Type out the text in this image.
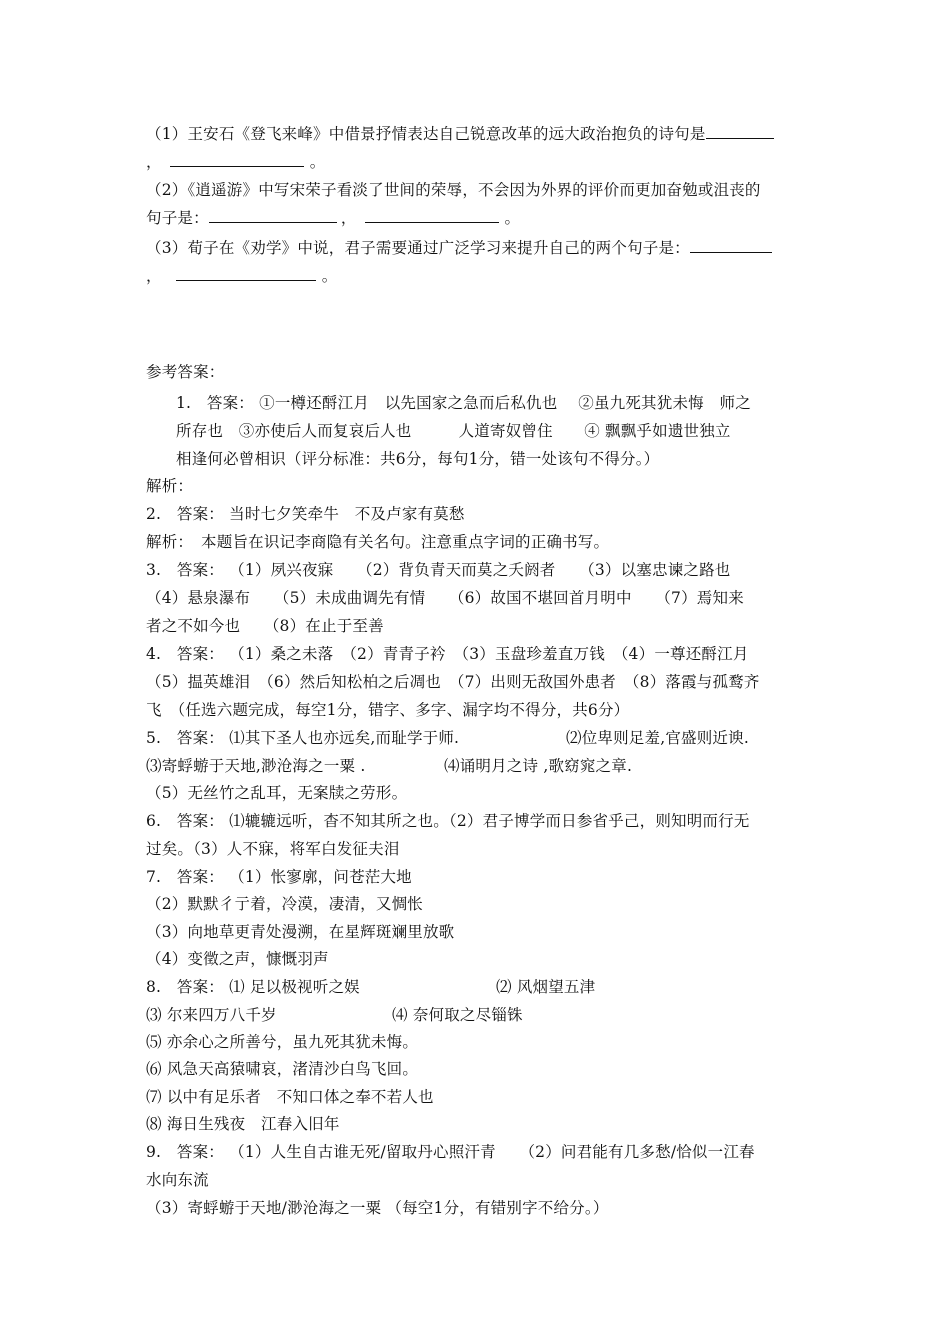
（1）王安石《登飞来峰》中借景抒情表达自己锐意改革的远大政治抱负的诗句是
，	。
（2）《逍遥游》中写宋荣子看淡了世间的荣辱，不会因为外界的评价而更加奋勉或沮丧的
句子是：	，	。
（3）荀子在《劝学》中说，君子需要通过广泛学习来提升自己的两个句子是：
，	。
参考答案：
1.　答案： ①一樽还酹江月　以先国家之急而后私仇也　 ②虽九死其犹未悔　师之
所存也　③亦使后人而复哀后人也　　　人道寄奴曾住　　④ 飘飘乎如遗世独立
相逢何必曾相识（评分标准：共6分，每句1分，错一处该句不得分。）
解析：
2.　答案： 当时七夕笑牵牛　不及卢家有莫愁
解析：　本题旨在识记李商隐有关名句。注意重点字词的正确书写。
3.　答案： （1）夙兴夜寐　　（2）背负青天而莫之夭阏者　　（3）以塞忠谏之路也
（4）悬泉瀑布　　（5）未成曲调先有情　　（6）故国不堪回首月明中　　（7）焉知来
者之不如今也　　（8）在止于至善
4.　答案： （1）桑之未落　（2）青青子衿　（3）玉盘珍羞直万钱　（4）一尊还酹江月
（5）揾英雄泪　（6）然后知松柏之后凋也　（7）出则无敌国外患者　（8）落霞与孤鹜齐
飞　（任选六题完成，每空1分，错字、多字、漏字均不得分，共6分）
5.　答案： ⑴其下圣人也亦远矣,而耻学于师.	⑵位卑则足羞,官盛则近谀.
⑶寄蜉蝣于天地,渺沧海之一粟 .	⑷诵明月之诗 ,歌窈窕之章.
（5）无丝竹之乱耳，无案牍之劳形。
6.　答案： ⑴辘辘远听，杳不知其所之也。（2）君子博学而日参省乎己，则知明而行无
过矣。（3）人不寐，将军白发征夫泪
7.　答案： （1）怅寥廓，问苍茫大地
（2）默默彳亍着，冷漠，凄清，又惆怅
（3）向地草更青处漫溯，在星辉斑斓里放歌
（4）变徵之声，慷慨羽声
8.　答案： ⑴ 足以极视听之娱	⑵ 风烟望五津
⑶ 尔来四万八千岁	⑷ 奈何取之尽锱铢
⑸ 亦余心之所善兮，虽九死其犹未悔。
⑹ 风急天高猿啸哀，渚清沙白鸟飞回。
⑺ 以中有足乐者　不知口体之奉不若人也
⑻ 海日生残夜　江春入旧年
9.　答案： （1）人生自古谁无死/留取丹心照汗青　　（2）问君能有几多愁/恰似一江春
水向东流
（3）寄蜉蝣于天地/渺沧海之一粟 （每空1分，有错别字不给分。）
